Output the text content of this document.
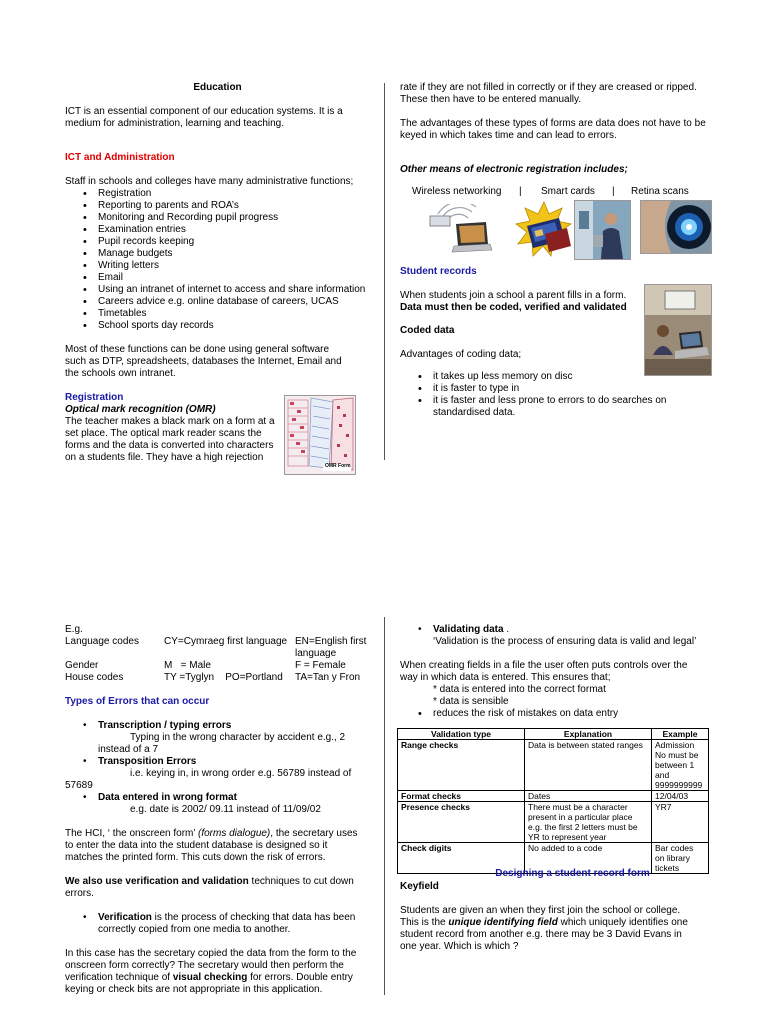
Education

ICT is an essential component of our education systems. It is a medium for administration, learning and teaching.

ICT and Administration

Staff in schools and colleges have many administrative functions;

• Registration
• Reporting to parents and ROA’s
• Monitoring and Recording pupil progress
• Examination entries
• Pupil records keeping
• Manage budgets
• Writing letters
• Email
• Using an intranet of internet to access and share information
• Careers advice e.g. online database of careers, UCAS
• Timetables
• School sports day records

Most of these functions can be done using general software such as DTP, spreadsheets, databases the Internet, Email and the schools own intranet.

Registration

Optical mark recognition (OMR)

The teacher makes a black mark on a form at a set place. The optical mark reader scans the forms and the data is converted into characters on a students file. They have a high rejection

OMR Form

rate if they are not filled in correctly or if they are creased or ripped. These then have to be entered manually.

The advantages of these types of forms are data does not have to be keyed in which takes time and can lead to errors.

Other means of electronic registration includes;

Wireless networking | Smart cards | Retina scans

Student records

When students join a school a parent fills in a form.

Data must then be coded, verified and validated

Coded data

Advantages of coding data;

• it takes up less memory on disc
• it is faster to type in
• it is faster and less prone to errors to do searches on standardised data.

E.g.

Language codes	CY=Cymraeg first language	EN=English first language
Gender	M   = Male	F = Female
House codes	TY =Tyglyn    PO=Portland	TA=Tan y Fron

Types of Errors that can occur

• Transcription / typing errors

Typing in the wrong character by accident e.g., 2

instead of a 7

• Transposition Errors

i.e. keying in, in wrong order e.g. 56789 instead of

57689

• Data entered in wrong format

e.g. date is 2002/ 09.11 instead of 11/09/02

The HCI, ‘ the onscreen form’ (forms dialogue), the secretary uses to enter the data into the student database is designed so it matches the printed form. This cuts down the risk of errors.

We also use verification and validation techniques to cut down errors.

• Verification is the process of checking that data has been correctly copied from one media to another.

In this case has the secretary copied the data from the form to the onscreen form correctly? The secretary would then perform the verification technique of visual checking for errors. Double entry keying or check bits are not appropriate in this application.

• Validating data .

‘Validation is the process of ensuring data is valid and legal’

When creating fields in a file the user often puts controls over the way in which data is entered. This ensures that;

* data is entered into the correct format

* data is sensible

• reduces the risk of mistakes on data entry
Validation type	Explanation	Example
Range checks	Data is between stated ranges	Admission No must be between 1 and 9999999999
Format checks	Dates	12/04/03
Presence checks	There must be a character present in a particular place e.g. the first 2 letters must be YR to represent year	YR7
Check digits	No added to a code	Bar codes on library tickets

Designing a student record form

Keyfield

Students are given an when they first join the school or college. This is the unique identifying field which uniquely identifies one student record from another e.g. there may be 3 David Evans in one year. Which is which ?
